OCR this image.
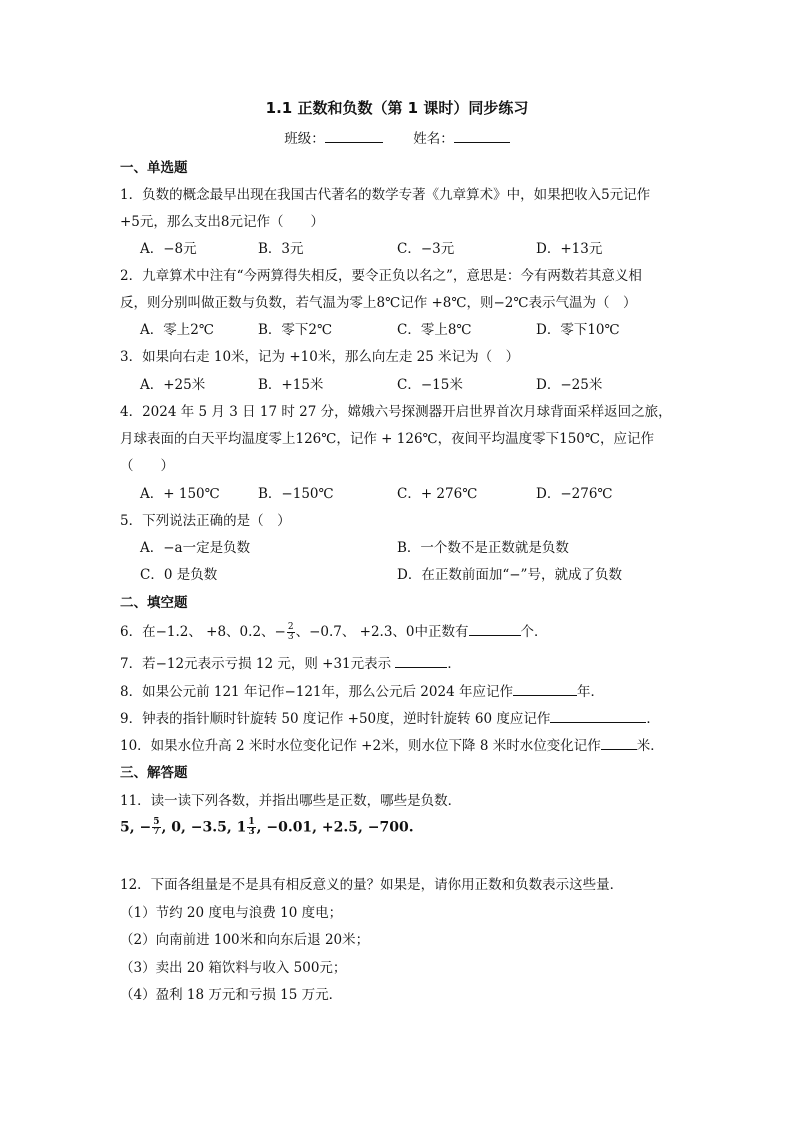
1.1 正数和负数（第 1 课时）同步练习
班级：	姓名：
一、单选题
1．负数的概念最早出现在我国古代著名的数学专著《九章算术》中，如果把收入5元记作
+5元，那么支出8元记作（　　）
A．−8元	B．3元	C．−3元	D．+13元
2．九章算术中注有“今两算得失相反，要令正负以名之”，意思是：今有两数若其意义相
反，则分别叫做正数与负数，若气温为零上8℃记作 +8℃，则−2℃表示气温为（　）
A．零上2℃	B．零下2℃	C．零上8℃	D．零下10℃
3．如果向右走 10米，记为 +10米，那么向左走 25 米记为（　）
A．+25米	B．+15米	C．−15米	D．−25米
4．2024 年 5 月 3 日 17 时 27 分，嫦娥六号探测器开启世界首次月球背面采样返回之旅，
月球表面的白天平均温度零上126℃，记作 + 126℃，夜间平均温度零下150℃，应记作
（　　）
A．+ 150℃	B．−150℃	C．+ 276℃	D．−276℃
5．下列说法正确的是（　）
A．−a一定是负数	B．一个数不是正数就是负数
C．0 是负数	D．在正数前面加“−”号，就成了负数
二、填空题
6．在−1.2、 +8、0.2、− $\frac{2}{3}$ 、−0.7、 +2.3、0中正数有	个．
7．若−12元表示亏损 12 元，则 +31元表示	．
8．如果公元前 121 年记作−121年，那么公元后 2024 年应记作	年．
9．钟表的指针顺时针旋转 50 度记作 +50度，逆时针旋转 60 度应记作	．
10．如果水位升高 2 米时水位变化记作 +2米，则水位下降 8 米时水位变化记作	米．
三、解答题
11．读一读下列各数，并指出哪些是正数，哪些是负数．
5, − $\frac{5}{7}$ , 0, −3.5, $1 \frac{1}{3}$ , −0.01, +2.5, −700.
12．下面各组量是不是具有相反意义的量？如果是，请你用正数和负数表示这些量．
（1）节约 20 度电与浪费 10 度电；
（2）向南前进 100米和向东后退 20米；
（3）卖出 20 箱饮料与收入 500元；
（4）盈利 18 万元和亏损 15 万元．
